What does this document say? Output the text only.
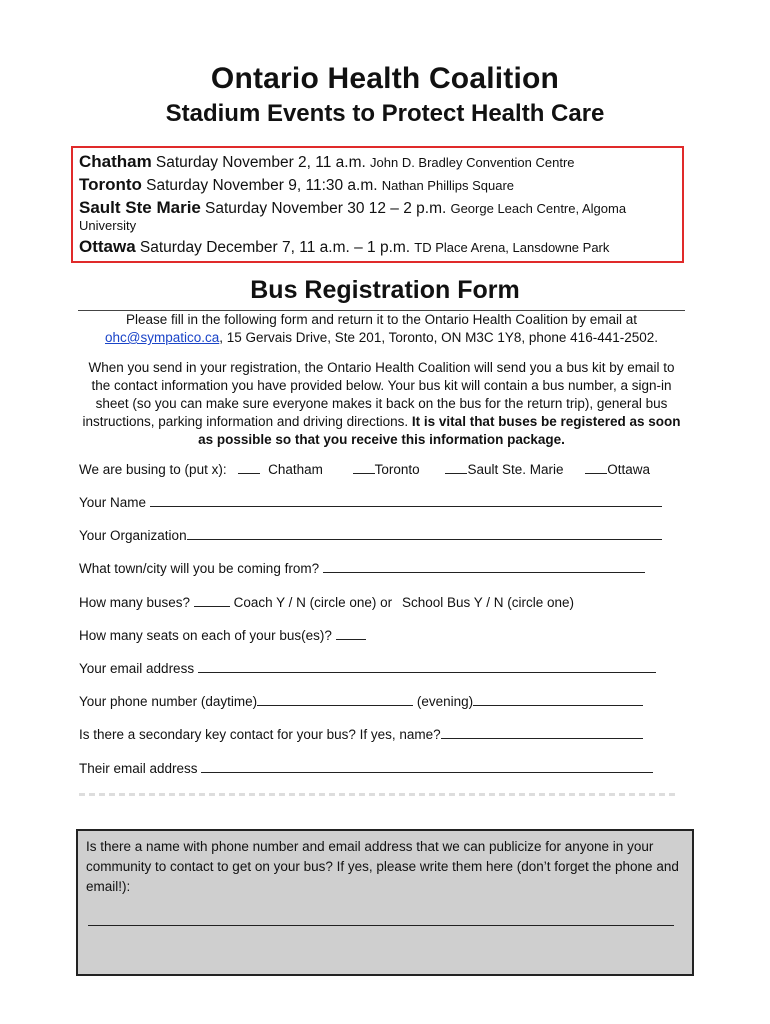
Ontario Health Coalition
Stadium Events to Protect Health Care
Chatham Saturday November 2, 11 a.m. John D. Bradley Convention Centre
Toronto Saturday November 9, 11:30 a.m. Nathan Phillips Square
Sault Ste Marie Saturday November 30 12 – 2 p.m. George Leach Centre, Algoma
University
Ottawa Saturday December 7, 11 a.m. – 1 p.m. TD Place Arena, Lansdowne Park
Bus Registration Form
Please fill in the following form and return it to the Ontario Health Coalition by email at
ohc@sympatico.ca, 15 Gervais Drive, Ste 201, Toronto, ON M3C 1Y8, phone 416-441-2502.
When you send in your registration, the Ontario Health Coalition will send you a bus kit by email to the contact information you have provided below. Your bus kit will contain a bus number, a sign-in sheet (so you can make sure everyone makes it back on the bus for the return trip), general bus instructions, parking information and driving directions. It is vital that buses be registered as soon as possible so that you receive this information package.
We are busing to (put x):	Chatham	Toronto	Sault Ste. Marie	Ottawa
Your Name
Your Organization
What town/city will you be coming from?
How many buses?	Coach Y / N (circle one) or School Bus Y / N (circle one)
How many seats on each of your bus(es)?
Your email address
Your phone number (daytime)	(evening)
Is there a secondary key contact for your bus? If yes, name?
Their email address
Is there a name with phone number and email address that we can publicize for anyone in your community to contact to get on your bus? If yes, please write them here (don’t forget the phone and email!):
